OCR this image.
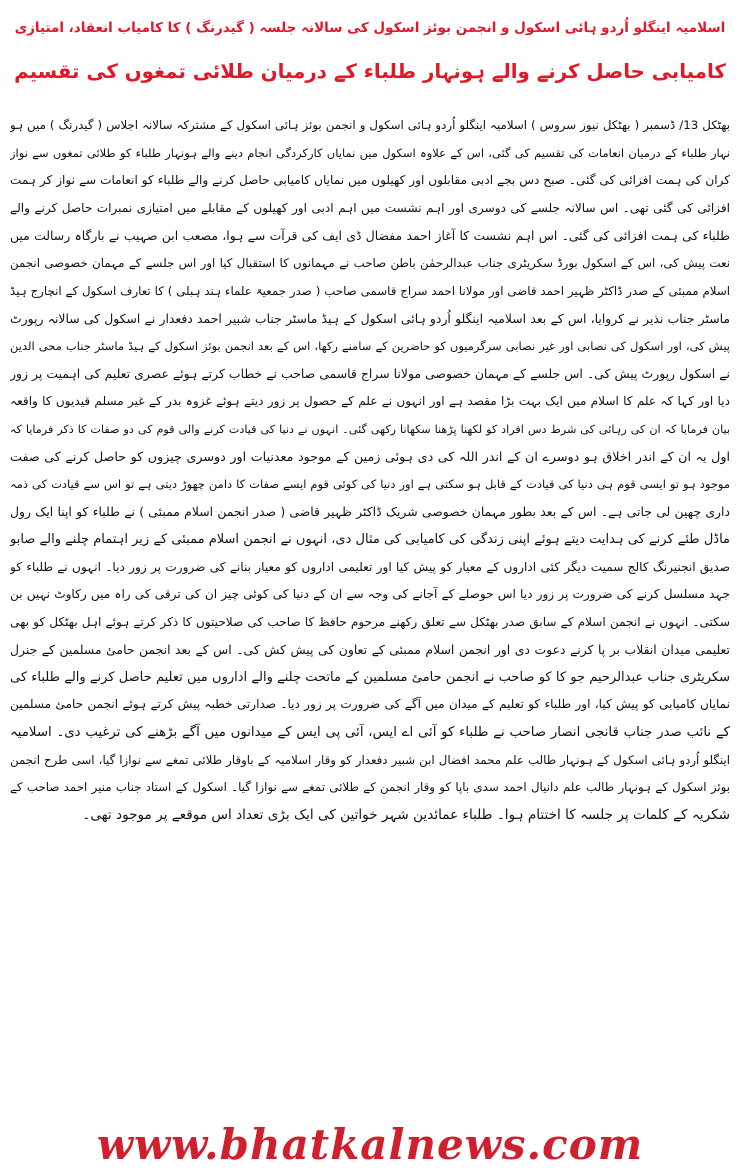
اسلامیہ اینگلو اُردو ہائی اسکول و انجمن بوئز اسکول کی سالانہ جلسہ ( گیدرنگ ) کا کامیاب انعقاد، امتیازی
کامیابی حاصل کرنے والے ہونہار طلباء کے درمیان طلائی تمغوں کی تقسیم
بھٹکل 13/ ڈسمبر ( بھٹکل نیوز سروس ) اسلامیہ اینگلو اُردو ہائی اسکول و انجمن بوئز ہائی اسکول کے مشترکہ سالانہ اجلاس ( گیدرنگ ) میں ہو
نہار طلباء کے درمیان انعامات کی تقسیم کی گئی، اس کے علاوہ اسکول میں نمایاں کارکردگی انجام دینے والے ہونہار طلباء کو طلائی تمغوں سے نواز
کران کی ہمت افزائی کی گئی۔ صبح دس بجے ادبی مقابلوں اور کھیلوں میں نمایاں کامیابی حاصل کرنے والے طلباء کو انعامات سے نواز کر ہمت
افزائی کی گئی تھی۔ اس سالانہ جلسے کی دوسری اور اہم نشست میں اہم ادبی اور کھیلوں کے مقابلے میں امتیازی نمبرات حاصل کرنے والے
طلباء کی ہمت افزائی کی گئی۔ اس اہم نشست کا آغاز احمد مفضال ڈی ایف کی قرآت سے ہوا، مصعب ابن صہیب نے بارگاہ رسالت میں
نعت پیش کی، اس کے اسکول بورڈ سکریٹری جناب عبدالرحمٰن باطن صاحب نے مہمانوں کا استقبال کیا اور اس جلسے کے مہمان خصوصی انجمن
اسلام ممبئی کے صدر ڈاکٹر ظہیر احمد قاضی اور مولانا احمد سراج قاسمی صاحب ( صدر جمعیۃ علماء ہند ہبلی ) کا تعارف اسکول کے انچارج ہیڈ
ماسٹر جناب نذیر نے کروایا، اس کے بعد اسلامیہ اینگلو اُردو ہائی اسکول کے ہیڈ ماسٹر جناب شبیر احمد دفعدار نے اسکول کی سالانہ رپورٹ
پیش کی، اور اسکول کی نصابی اور غیر نصابی سرگرمیوں کو حاضرین کے سامنے رکھا، اس کے بعد انجمن بوئز اسکول کے ہیڈ ماسٹر جناب محی الدین
نے اسکول رپورٹ پیش کی۔ اس جلسے کے مہمان خصوصی مولانا سراج قاسمی صاحب نے خطاب کرتے ہوئے عصری تعلیم کی اہمیت پر زور
دیا اور کہا کہ علم کا اسلام میں ایک بہت بڑا مقصد ہے اور انہوں نے علم کے حصول پر زور دیتے ہوئے غزوہ بدر کے غیر مسلم قیدیوں کا واقعہ
بیان فرمایا کہ ان کی رہائی کی شرط دس افراد کو لکھنا پڑھنا سکھانا رکھی گئی۔ انہوں نے دنیا کی قیادت کرنے والی قوم کی دو صفات کا ذکر فرمایا کہ
اول یہ ان کے اندر اخلاق ہو دوسرے ان کے اندر اللہ کی دی ہوئی زمین کے موجود معدنیات اور دوسری چیزوں کو حاصل کرنے کی صفت
موجود ہو تو ایسی قوم ہی دنیا کی قیادت کے قابل ہو سکتی ہے اور دنیا کی کوئی قوم ایسے صفات کا دامن چھوڑ دیتی ہے تو اس سے قیادت کی ذمہ
داری چھین لی جاتی ہے۔ اس کے بعد بطور مہمان خصوصی شریک ڈاکٹر ظہیر قاضی ( صدر انجمن اسلام ممبئی ) نے طلباء کو اپنا ایک رول
ماڈل طئے کرنے کی ہدایت دیتے ہوئے اپنی زندگی کی کامیابی کی مثال دی، انہوں نے انجمن اسلام ممبئی کے زیر اہتمام چلنے والے صابو
صدیق انجنیرنگ کالج سمیت دیگر کئی اداروں کے معیار کو پیش کیا اور تعلیمی اداروں کو معیار بنانے کی ضرورت پر زور دیا۔ انہوں نے طلباء کو
جہد مسلسل کرنے کی ضرورت پر زور دیا اس حوصلے کے آجانے کی وجہ سے ان کے دنیا کی کوئی چیز ان کی ترقی کی راہ میں رکاوٹ نہیں بن
سکتی۔ انہوں نے انجمن اسلام کے سابق صدر بھٹکل سے تعلق رکھنے مرحوم حافظ کا صاحب کی صلاحیتوں کا ذکر کرتے ہوئے اہل بھٹکل کو بھی
تعلیمی میدان انقلاب بر پا کرنے دعوت دی اور انجمن اسلام ممبئی کے تعاون کی پیش کش کی۔ اس کے بعد انجمن حامئ مسلمین کے جنرل
سکریٹری جناب عبدالرحیم جو کا کو صاحب نے انجمن حامئ مسلمین کے ماتحت چلنے والے اداروں میں تعلیم حاصل کرنے والے طلباء کی
نمایاں کامیابی کو پیش کیا، اور طلباء کو تعلیم کے میدان میں آگے کی ضرورت پر زور دیا۔ صدارتی خطبہ پیش کرتے ہوئے انجمن حامئ مسلمین
کے نائب صدر جناب قانجی انصار صاحب نے طلباء کو آئی اے ایس، آئی پی ایس کے میدانوں میں آگے بڑھنے کی ترغیب دی۔ اسلامیہ
اینگلو اُردو ہائی اسکول کے ہونہار طالب علم محمد افضال ابن شبیر دفعدار کو وقار اسلامیہ کے باوقار طلائی تمغے سے نوازا گیا، اسی طرح انجمن
بوئز اسکول کے ہونہار طالب علم دانیال احمد سدی باپا کو وقار انجمن کے طلائی تمغے سے نوازا گیا۔ اسکول کے استاد جناب منیر احمد صاحب کے
شکریہ کے کلمات پر جلسہ کا اختتام ہوا۔ طلباء عمائدین شہر خواتین کی ایک بڑی تعداد اس موقعے پر موجود تھی۔
www.bhatkalnews.com
